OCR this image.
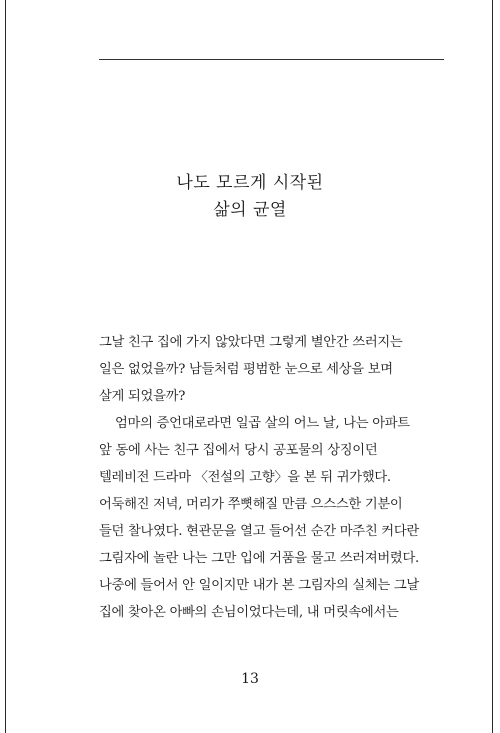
나도 모르게 시작된
삶의 균열
그날 친구 집에 가지 않았다면 그렇게 별안간 쓰러지는
일은 없었을까? 남들처럼 평범한 눈으로 세상을 보며
살게 되었을까?
엄마의 증언대로라면 일곱 살의 어느 날, 나는 아파트
앞 동에 사는 친구 집에서 당시 공포물의 상징이던
텔레비전 드라마 〈전설의 고향〉을 본 뒤 귀가했다.
어둑해진 저녁, 머리가 쭈뼛해질 만큼 으스스한 기분이
들던 찰나였다. 현관문을 열고 들어선 순간 마주친 커다란
그림자에 놀란 나는 그만 입에 거품을 물고 쓰러져버렸다.
나중에 들어서 안 일이지만 내가 본 그림자의 실체는 그날
집에 찾아온 아빠의 손님이었다는데, 내 머릿속에서는
13
